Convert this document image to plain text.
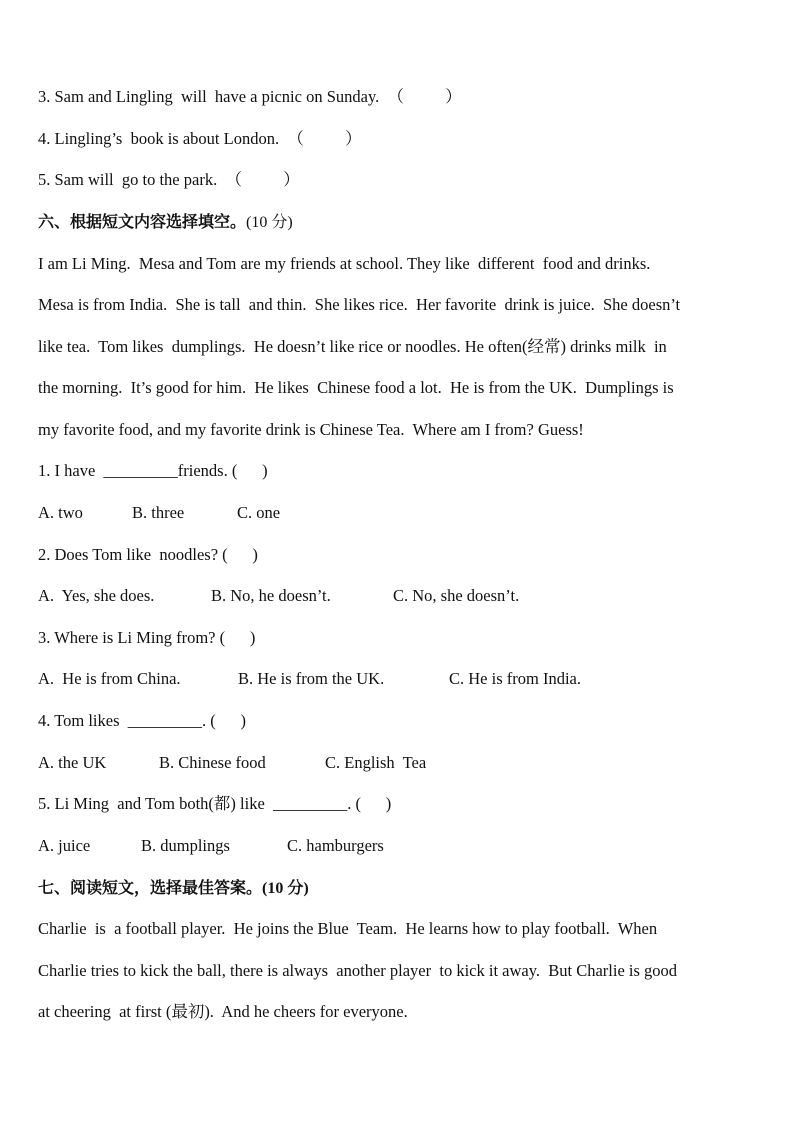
3. Sam and Lingling  will  have a picnic on Sunday.  （          ）
4. Lingling’s  book is about London.  （          ）
5. Sam will  go to the park.  （          ）
六、根据短文内容选择填空。(10 分)
I am Li Ming.  Mesa and Tom are my friends at school. They like  different  food and drinks.
Mesa is from India.  She is tall  and thin.  She likes rice.  Her favorite  drink is juice.  She doesn’t
like tea.  Tom likes  dumplings.  He doesn’t like rice or noodles. He often(经常) drinks milk  in
the morning.  It’s good for him.  He likes  Chinese food a lot.  He is from the UK.  Dumplings is
my favorite food, and my favorite drink is Chinese Tea.  Where am I from? Guess!
1. I have  _________friends. (      )
A. two	B. three	C. one
2. Does Tom like  noodles? (      )
A.  Yes, she does.	B. No, he doesn’t.	C. No, she doesn’t.
3. Where is Li Ming from? (      )
A.  He is from China.	B. He is from the UK.	C. He is from India.
4. Tom likes  _________. (      )
A. the UK	B. Chinese food	C. English  Tea
5. Li Ming  and Tom both(都) like  _________. (      )
A. juice	B. dumplings	C. hamburgers
七、阅读短文，选择最佳答案。(10 分)
Charlie  is  a football player.  He joins the Blue  Team.  He learns how to play football.  When
Charlie tries to kick the ball, there is always  another player  to kick it away.  But Charlie is good
at cheering  at first (最初).  And he cheers for everyone.
